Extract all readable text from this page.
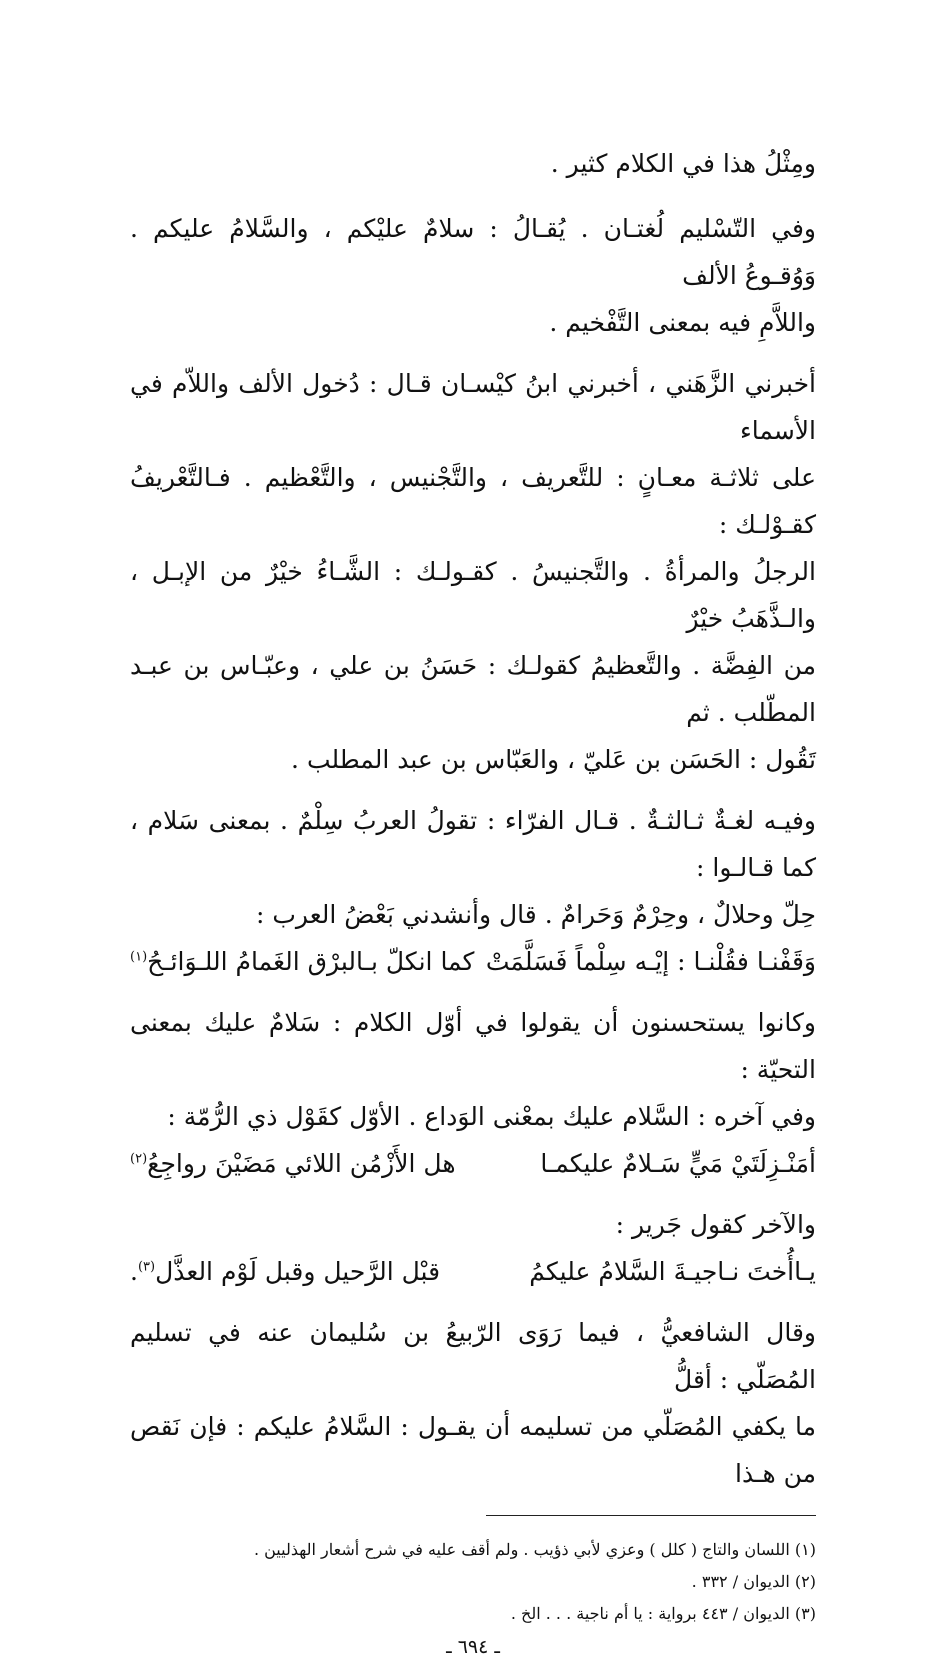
ومِثْلُ هذا في الكلام كثير .

وفي التّسْليم لُغتـان . يُقـالُ : سلامٌ عليْكم ، والسَّلامُ عليكم . وَوُقـوعُ الألف
واللاَّمِ فيه بمعنى التَّفْخيم .

أخبرني الزَّهَني ، أخبرني ابنُ كيْسـان قـال : دُخول الألف واللاّم في الأسماء
على ثلاثـة معـانٍ : للتَّعريف ، والتَّجْنيس ، والتَّعْظيم . فـالتَّعْريفُ كقـوْلـك :
الرجلُ والمرأةُ . والتَّجنيسُ . كقـولـك : الشَّـاءُ خيْرٌ من الإبـل ، والـذَّهَبُ خيْرٌ
من الفِضَّة . والتَّعظيمُ كقولـك : حَسَنُ بن علي ، وعبّـاس بن عبـد المطّلب . ثم
تَقُول : الحَسَن بن عَليّ ، والعَبّاس بن عبد المطلب .

وفيـه لغـةٌ ثـالثـةٌ . قـال الفرّاء : تقولُ العربُ سِلْمٌ . بمعنى سَلام ، كما قـالـوا :
حِلّ وحلالٌ ، وحِرْمٌ وَحَرامٌ . قال وأنشدني بَعْضُ العرب :

وَقَفْنـا فقُلْنـا : إيْـه سِلْماً فَسَلَّمَتْ
كما انكلّ بـالبرْق الغَمامُ اللـوَائـحُ$^{(١)}$

وكانوا يستحسنون أن يقولوا في أوّل الكلام : سَلامٌ عليك بمعنى التحيّة :
وفي آخره : السَّلام عليك بمعْنى الوَداع . الأوّل كقَوْل ذي الرُّمّة :

أمَنْـزِلَتَيْ مَيٍّ سَـلامٌ عليكمـا
هل الأَزْمُن اللائي مَضَيْنَ رواجِعُ$^{(٢)}$

والآخر كقول جَرير :

يـاأُختَ نـاجيـةَ السَّلامُ عليكمُ
قبْل الرَّحيل وقبل لَوْم العذَّل$^{(٣)}$.

وقال الشافعيُّ ، فيما رَوَى الرّبيعُ بن سُليمان عنه في تسليم المُصَلّي : أقلُّ
ما يكفي المُصَلّي من تسليمه أن يقـول : السَّلامُ عليكم : فإن نَقص من هـذا

(١) اللسان والتاج ( كلل ) وعزي لأبي ذؤيب . ولم أقف عليه في شرح أشعار الهذليين .
(٢) الديوان / ٣٣٢ .
(٣) الديوان / ٤٤٣ برواية : يا أم ناجية . . . الخ .
ـ ٦٩٤ ـ
